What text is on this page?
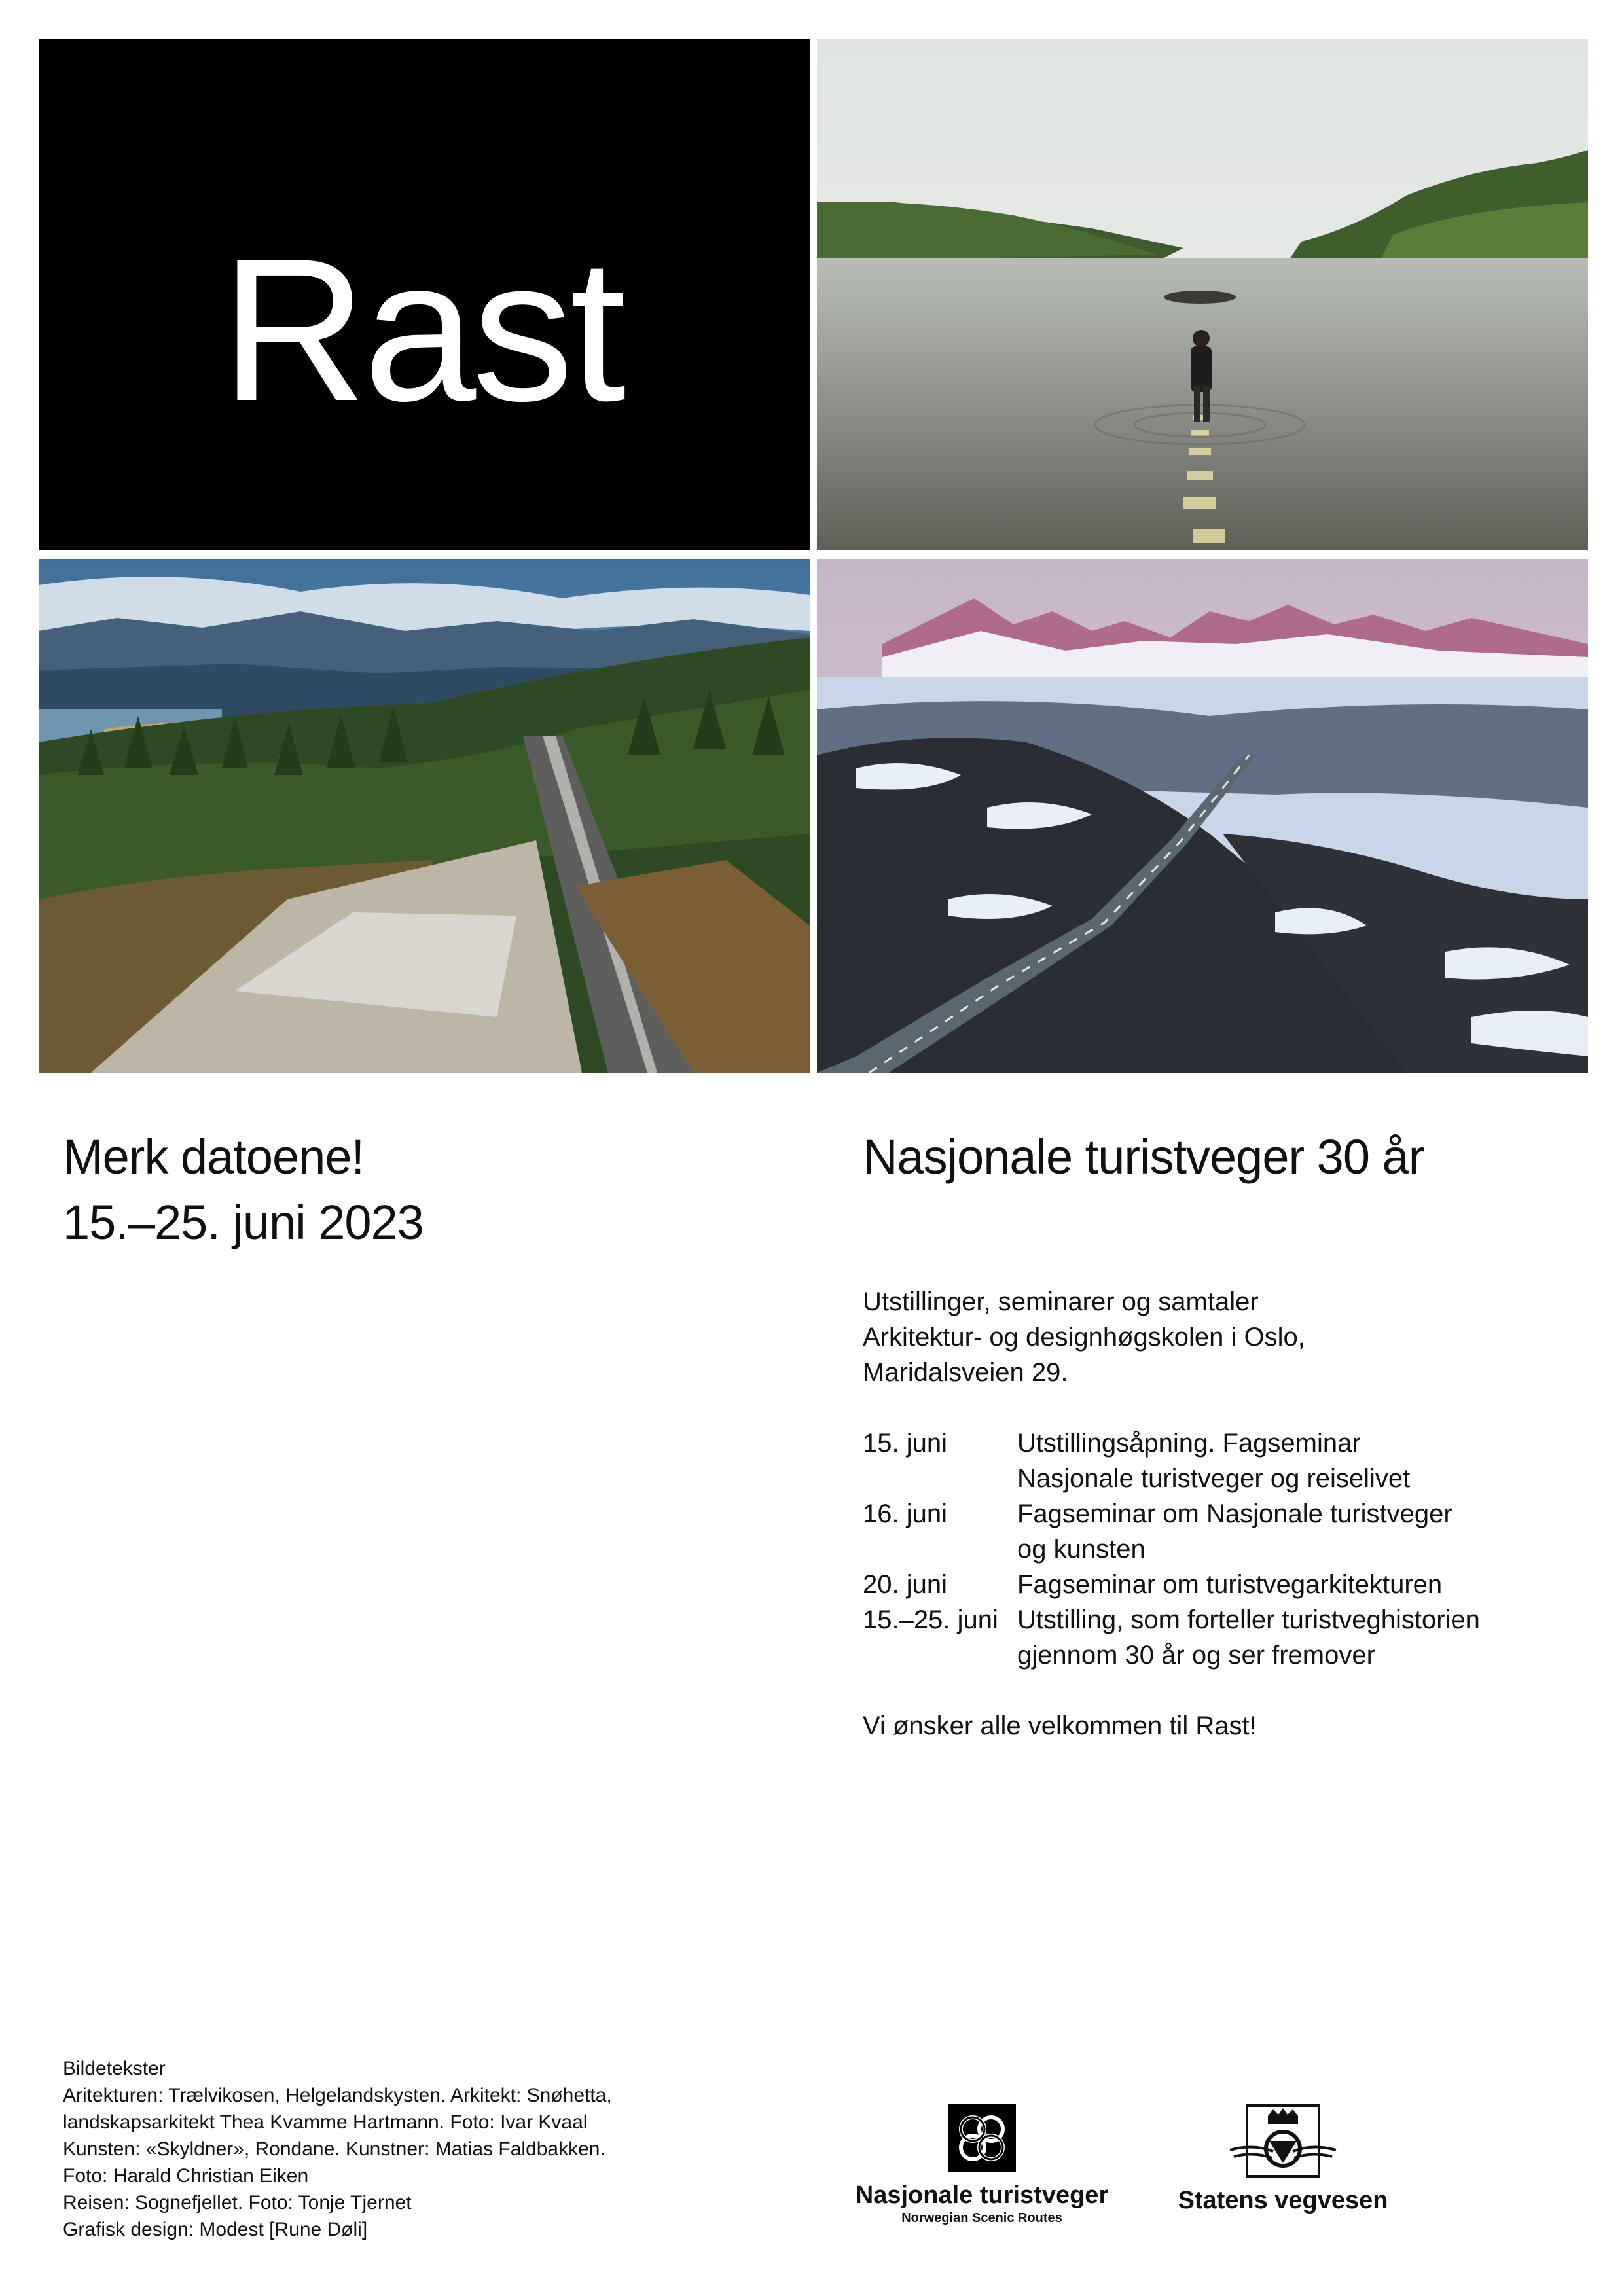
Rast
Merk datoene!
15.–25. juni 2023
Nasjonale turistveger 30 år
Utstillinger, seminarer og samtaler
Arkitektur- og designhøgskolen i Oslo,
Maridalsveien 29.
15. juni	Utstillingsåpning. Fagseminar
Nasjonale turistveger og reiselivet
16. juni	Fagseminar om Nasjonale turistveger
og kunsten
20. juni	Fagseminar om turistvegarkitekturen
15.–25. juni Utstilling, som forteller turistveghistorien
gjennom 30 år og ser fremover
Vi ønsker alle velkommen til Rast!
Bildetekster
Aritekturen: Trælvikosen, Helgelandskysten. Arkitekt: Snøhetta,
landskapsarkitekt Thea Kvamme Hartmann. Foto: Ivar Kvaal
Kunsten: «Skyldner», Rondane. Kunstner: Matias Faldbakken.
Foto: Harald Christian Eiken
Reisen: Sognefjellet. Foto: Tonje Tjernet
Grafisk design: Modest [Rune Døli]
Nasjonale turistveger
Norwegian Scenic Routes
Statens vegvesen
